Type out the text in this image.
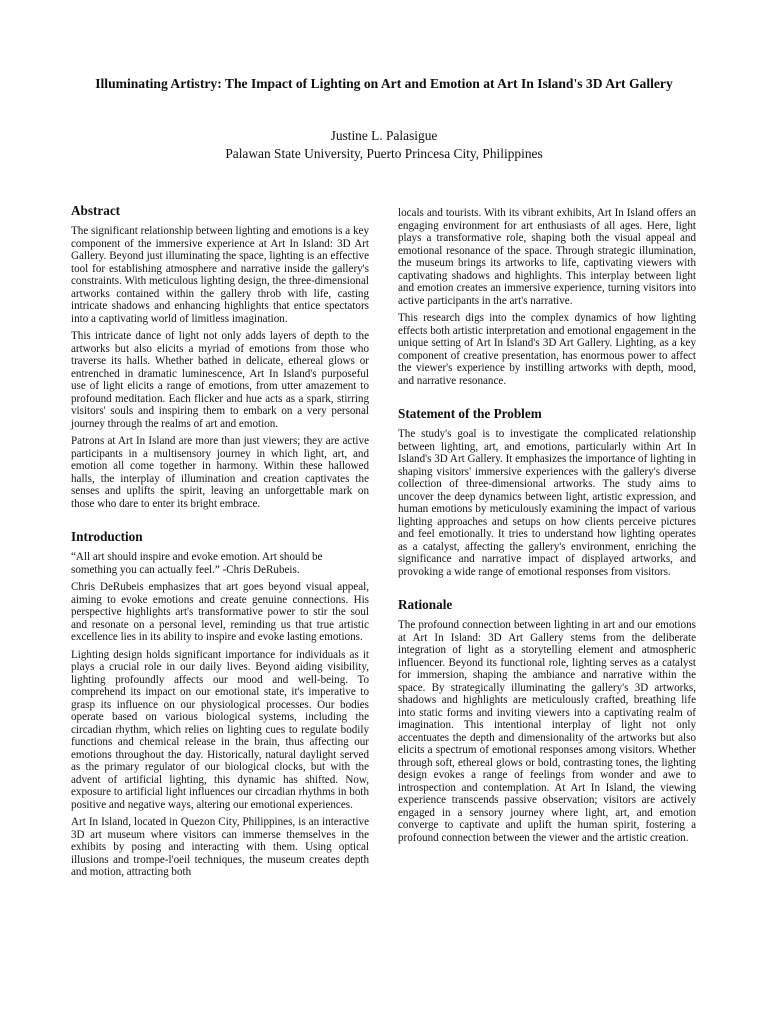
Illuminating Artistry: The Impact of Lighting on Art and Emotion at Art In Island's 3D Art Gallery
Justine L. Palasigue
Palawan State University, Puerto Princesa City, Philippines
Abstract

The significant relationship between lighting and emotions is a key component of the immersive experience at Art In Island: 3D Art Gallery. Beyond just illuminating the space, lighting is an effective tool for establishing atmosphere and narrative inside the gallery's constraints. With meticulous lighting design, the three-dimensional artworks contained within the gallery throb with life, casting intricate shadows and enhancing highlights that entice spectators into a captivating world of limitless imagination.

This intricate dance of light not only adds layers of depth to the artworks but also elicits a myriad of emotions from those who traverse its halls. Whether bathed in delicate, ethereal glows or entrenched in dramatic luminescence, Art In Island's purposeful use of light elicits a range of emotions, from utter amazement to profound meditation. Each flicker and hue acts as a spark, stirring visitors' souls and inspiring them to embark on a very personal journey through the realms of art and emotion.

Patrons at Art In Island are more than just viewers; they are active participants in a multisensory journey in which light, art, and emotion all come together in harmony. Within these hallowed halls, the interplay of illumination and creation captivates the senses and uplifts the spirit, leaving an unforgettable mark on those who dare to enter its bright embrace.

Introduction

“All art should inspire and evoke emotion. Art should be something you can actually feel.” -Chris DeRubeis.

Chris DeRubeis emphasizes that art goes beyond visual appeal, aiming to evoke emotions and create genuine connections. His perspective highlights art's transformative power to stir the soul and resonate on a personal level, reminding us that true artistic excellence lies in its ability to inspire and evoke lasting emotions.

Lighting design holds significant importance for individuals as it plays a crucial role in our daily lives. Beyond aiding visibility, lighting profoundly affects our mood and well-being. To comprehend its impact on our emotional state, it's imperative to grasp its influence on our physiological processes. Our bodies operate based on various biological systems, including the circadian rhythm, which relies on lighting cues to regulate bodily functions and chemical release in the brain, thus affecting our emotions throughout the day. Historically, natural daylight served as the primary regulator of our biological clocks, but with the advent of artificial lighting, this dynamic has shifted. Now, exposure to artificial light influences our circadian rhythms in both positive and negative ways, altering our emotional experiences.

Art In Island, located in Quezon City, Philippines, is an interactive 3D art museum where visitors can immerse themselves in the exhibits by posing and interacting with them. Using optical illusions and trompe-l'oeil techniques, the museum creates depth and motion, attracting both

locals and tourists. With its vibrant exhibits, Art In Island offers an engaging environment for art enthusiasts of all ages. Here, light plays a transformative role, shaping both the visual appeal and emotional resonance of the space. Through strategic illumination, the museum brings its artworks to life, captivating viewers with captivating shadows and highlights. This interplay between light and emotion creates an immersive experience, turning visitors into active participants in the art's narrative.

This research digs into the complex dynamics of how lighting effects both artistic interpretation and emotional engagement in the unique setting of Art In Island's 3D Art Gallery. Lighting, as a key component of creative presentation, has enormous power to affect the viewer's experience by instilling artworks with depth, mood, and narrative resonance.

Statement of the Problem

The study's goal is to investigate the complicated relationship between lighting, art, and emotions, particularly within Art In Island's 3D Art Gallery. It emphasizes the importance of lighting in shaping visitors' immersive experiences with the gallery's diverse collection of three-dimensional artworks. The study aims to uncover the deep dynamics between light, artistic expression, and human emotions by meticulously examining the impact of various lighting approaches and setups on how clients perceive pictures and feel emotionally. It tries to understand how lighting operates as a catalyst, affecting the gallery's environment, enriching the significance and narrative impact of displayed artworks, and provoking a wide range of emotional responses from visitors.

Rationale

The profound connection between lighting in art and our emotions at Art In Island: 3D Art Gallery stems from the deliberate integration of light as a storytelling element and atmospheric influencer. Beyond its functional role, lighting serves as a catalyst for immersion, shaping the ambiance and narrative within the space. By strategically illuminating the gallery's 3D artworks, shadows and highlights are meticulously crafted, breathing life into static forms and inviting viewers into a captivating realm of imagination. This intentional interplay of light not only accentuates the depth and dimensionality of the artworks but also elicits a spectrum of emotional responses among visitors. Whether through soft, ethereal glows or bold, contrasting tones, the lighting design evokes a range of feelings from wonder and awe to introspection and contemplation. At Art In Island, the viewing experience transcends passive observation; visitors are actively engaged in a sensory journey where light, art, and emotion converge to captivate and uplift the human spirit, fostering a profound connection between the viewer and the artistic creation.
